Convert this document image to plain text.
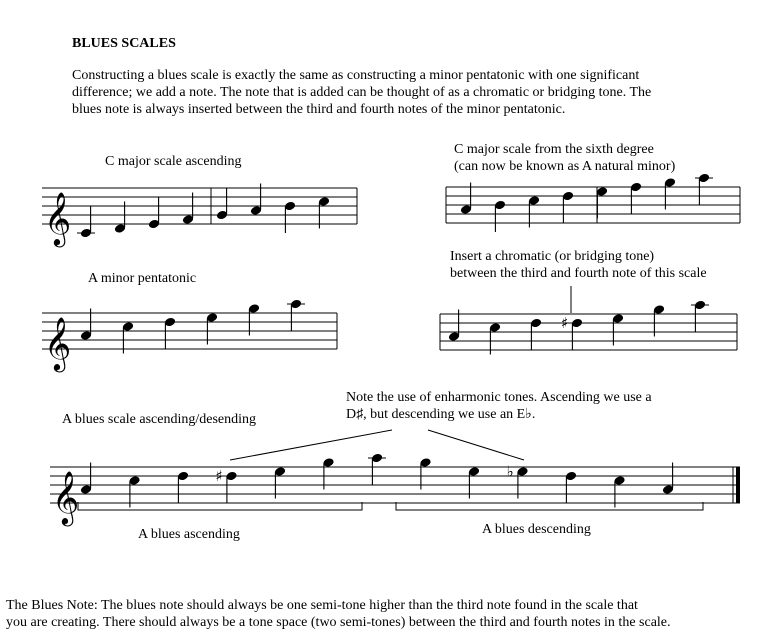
BLUES SCALES
Constructing a blues scale is exactly the same as constructing a minor pentatonic with one significant
difference; we add a note. The note that is added can be thought of as a chromatic or bridging tone. The
blues note is always inserted between the third and fourth notes of the minor pentatonic.
C major scale ascending
C major scale from the sixth degree
(can now be known as A natural minor)
A minor pentatonic
Insert a chromatic (or bridging tone)
between the third and fourth note of this scale
Note the use of enharmonic tones. Ascending we use a
D♯, but descending we use an E♭.
A blues scale ascending/desending
A blues ascending	A blues descending
The Blues Note: The blues note should always be one semi-tone higher than the third note found in the scale that
you are creating. There should always be a tone space (two semi-tones) between the third and fourth notes in the scale.
𝄞
𝄞	♯
𝄞	♯	♭
